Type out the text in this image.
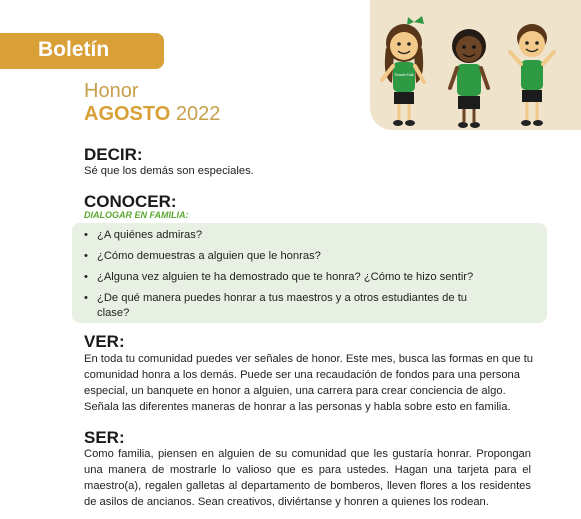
Teach•Talk
Boletín
Honor
AGOSTO 2022
DECIR:
Sé que los demás son especiales.
CONOCER:
DIALOGAR EN FAMILIA:
• ¿A quiénes admiras?
• ¿Cómo demuestras a alguien que le honras?
• ¿Alguna vez alguien te ha demostrado que te honra? ¿Cómo te hizo sentir?
• ¿De qué manera puedes honrar a tus maestros y a otros estudiantes de tu clase?
VER:
En toda tu comunidad puedes ver señales de honor. Este mes, busca las formas en que tu comunidad honra a los demás. Puede ser una recaudación de fondos para una persona especial, un banquete en honor a alguien, una carrera para crear conciencia de algo. Señala las diferentes maneras de honrar a las personas y habla sobre esto en familia.
SER:
Como familia, piensen en alguien de su comunidad que les gustaría honrar. Propongan una manera de mostrarle lo valioso que es para ustedes. Hagan una tarjeta para el maestro(a), regalen galletas al departamento de bomberos, lleven flores a los residentes de asilos de ancianos. Sean creativos, diviértanse y honren a quienes los rodean.
